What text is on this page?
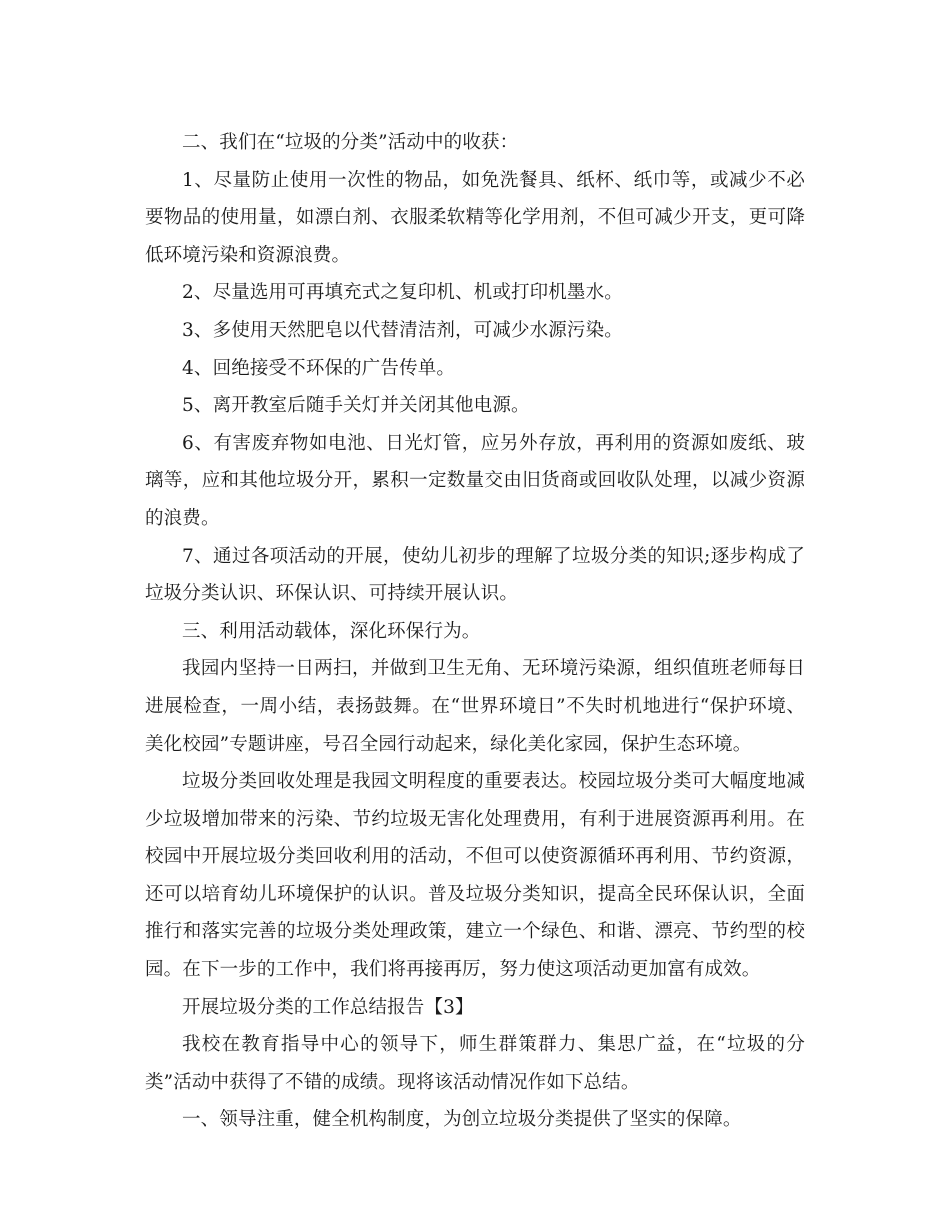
二、我们在“垃圾的分类”活动中的收获：

1、尽量防止使用一次性的物品，如免洗餐具、纸杯、纸巾等，或减少不必要物品的使用量，如漂白剂、衣服柔软精等化学用剂，不但可减少开支，更可降低环境污染和资源浪费。

2、尽量选用可再填充式之复印机、机或打印机墨水。

3、多使用天然肥皂以代替清洁剂，可减少水源污染。

4、回绝接受不环保的广告传单。

5、离开教室后随手关灯并关闭其他电源。

6、有害废弃物如电池、日光灯管，应另外存放，再利用的资源如废纸、玻璃等，应和其他垃圾分开，累积一定数量交由旧货商或回收队处理，以减少资源的浪费。

7、通过各项活动的开展，使幼儿初步的理解了垃圾分类的知识;逐步构成了垃圾分类认识、环保认识、可持续开展认识。

三、利用活动载体，深化环保行为。

我园内坚持一日两扫，并做到卫生无角、无环境污染源，组织值班老师每日进展检查，一周小结，表扬鼓舞。在“世界环境日”不失时机地进行“保护环境、美化校园”专题讲座，号召全园行动起来，绿化美化家园，保护生态环境。

垃圾分类回收处理是我园文明程度的重要表达。校园垃圾分类可大幅度地减少垃圾增加带来的污染、节约垃圾无害化处理费用，有利于进展资源再利用。在校园中开展垃圾分类回收利用的活动，不但可以使资源循环再利用、节约资源，还可以培育幼儿环境保护的认识。普及垃圾分类知识，提高全民环保认识，全面推行和落实完善的垃圾分类处理政策，建立一个绿色、和谐、漂亮、节约型的校园。在下一步的工作中，我们将再接再厉，努力使这项活动更加富有成效。

开展垃圾分类的工作总结报告【3】

我校在教育指导中心的领导下，师生群策群力、集思广益，在“垃圾的分类”活动中获得了不错的成绩。现将该活动情况作如下总结。

一、领导注重，健全机构制度，为创立垃圾分类提供了坚实的保障。
